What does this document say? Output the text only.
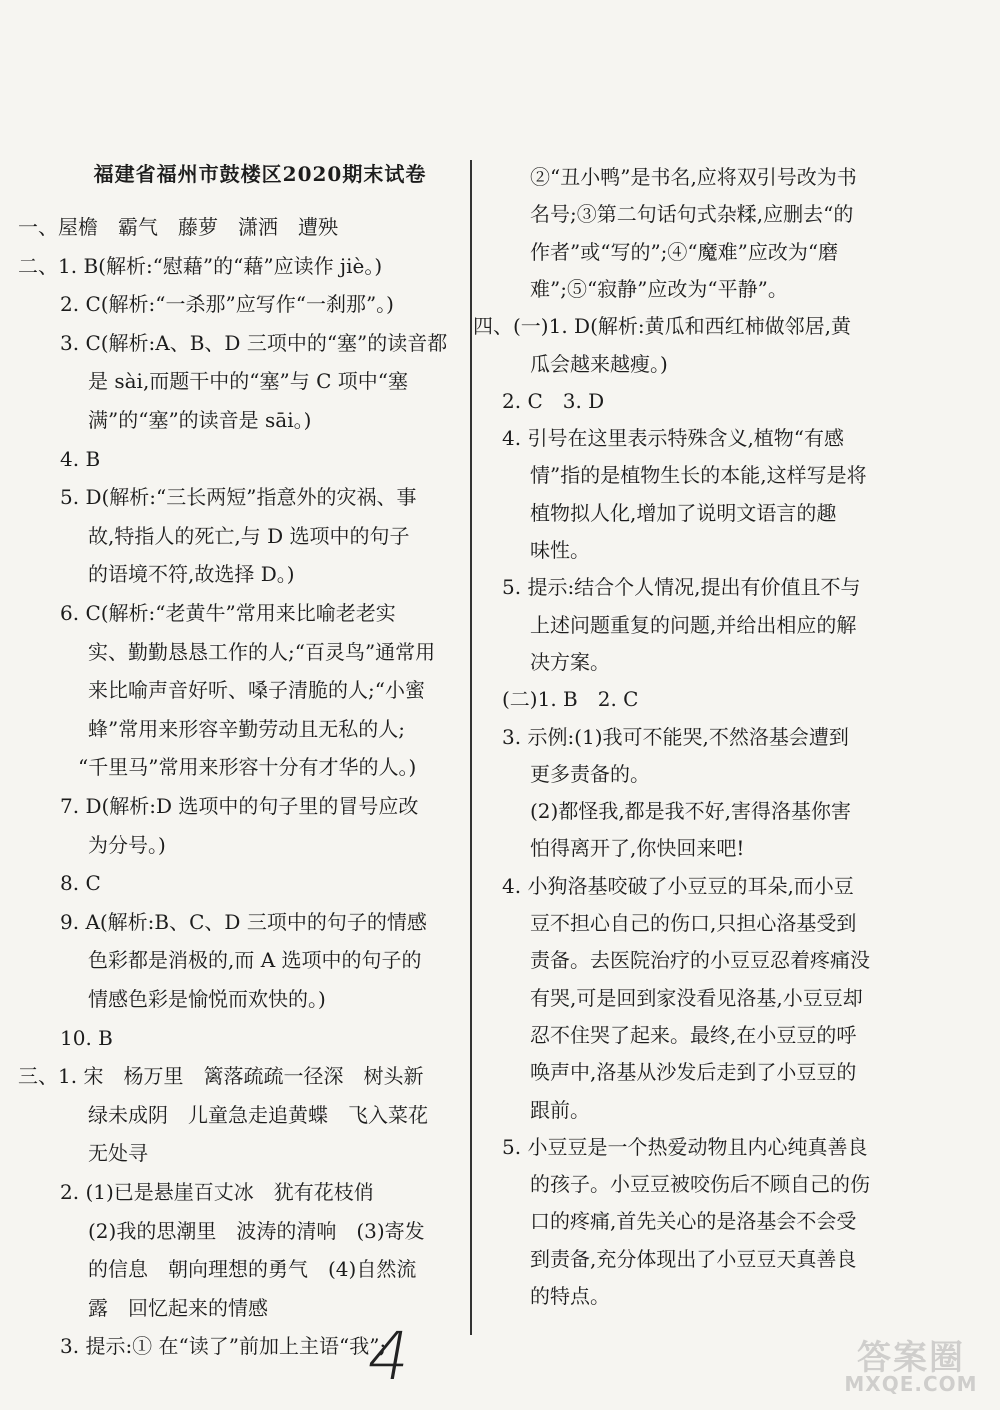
福建省福州市鼓楼区2020期末试卷
一、屋檐　霸气　藤萝　潇洒　遭殃
二、1. B(解析:“慰藉”的“藉”应读作 jiè。)
2. C(解析:“一杀那”应写作“一刹那”。)
3. C(解析:A、B、D 三项中的“塞”的读音都
是 sài,而题干中的“塞”与 C 项中“塞
满”的“塞”的读音是 sāi。)
4. B
5. D(解析:“三长两短”指意外的灾祸、事
故,特指人的死亡,与 D 选项中的句子
的语境不符,故选择 D。)
6. C(解析:“老黄牛”常用来比喻老老实
实、勤勤恳恳工作的人;“百灵鸟”通常用
来比喻声音好听、嗓子清脆的人;“小蜜
蜂”常用来形容辛勤劳动且无私的人;
“千里马”常用来形容十分有才华的人。)
7. D(解析:D 选项中的句子里的冒号应改
为分号。)
8. C
9. A(解析:B、C、D 三项中的句子的情感
色彩都是消极的,而 A 选项中的句子的
情感色彩是愉悦而欢快的。)
10. B
三、1. 宋　杨万里　篱落疏疏一径深　树头新
绿未成阴　儿童急走追黄蝶　飞入菜花
无处寻
2. (1)已是悬崖百丈冰　犹有花枝俏
(2)我的思潮里　波涛的清响　(3)寄发
的信息　朝向理想的勇气　(4)自然流
露　回忆起来的情感
3. 提示:① 在“读了”前加上主语“我”;
②“丑小鸭”是书名,应将双引号改为书
名号;③第二句话句式杂糅,应删去“的
作者”或“写的”;④“魔难”应改为“磨
难”;⑤“寂静”应改为“平静”。
四、(一)1. D(解析:黄瓜和西红柿做邻居,黄
瓜会越来越瘦。)
2. C　3. D
4. 引号在这里表示特殊含义,植物“有感
情”指的是植物生长的本能,这样写是将
植物拟人化,增加了说明文语言的趣
味性。
5. 提示:结合个人情况,提出有价值且不与
上述问题重复的问题,并给出相应的解
决方案。
(二)1. B　2. C
3. 示例:(1)我可不能哭,不然洛基会遭到
更多责备的。
(2)都怪我,都是我不好,害得洛基你害
怕得离开了,你快回来吧!
4. 小狗洛基咬破了小豆豆的耳朵,而小豆
豆不担心自己的伤口,只担心洛基受到
责备。去医院治疗的小豆豆忍着疼痛没
有哭,可是回到家没看见洛基,小豆豆却
忍不住哭了起来。最终,在小豆豆的呼
唤声中,洛基从沙发后走到了小豆豆的
跟前。
5. 小豆豆是一个热爱动物且内心纯真善良
的孩子。小豆豆被咬伤后不顾自己的伤
口的疼痛,首先关心的是洛基会不会受
到责备,充分体现出了小豆豆天真善良
的特点。
4	答案圈
MXQE.COM
